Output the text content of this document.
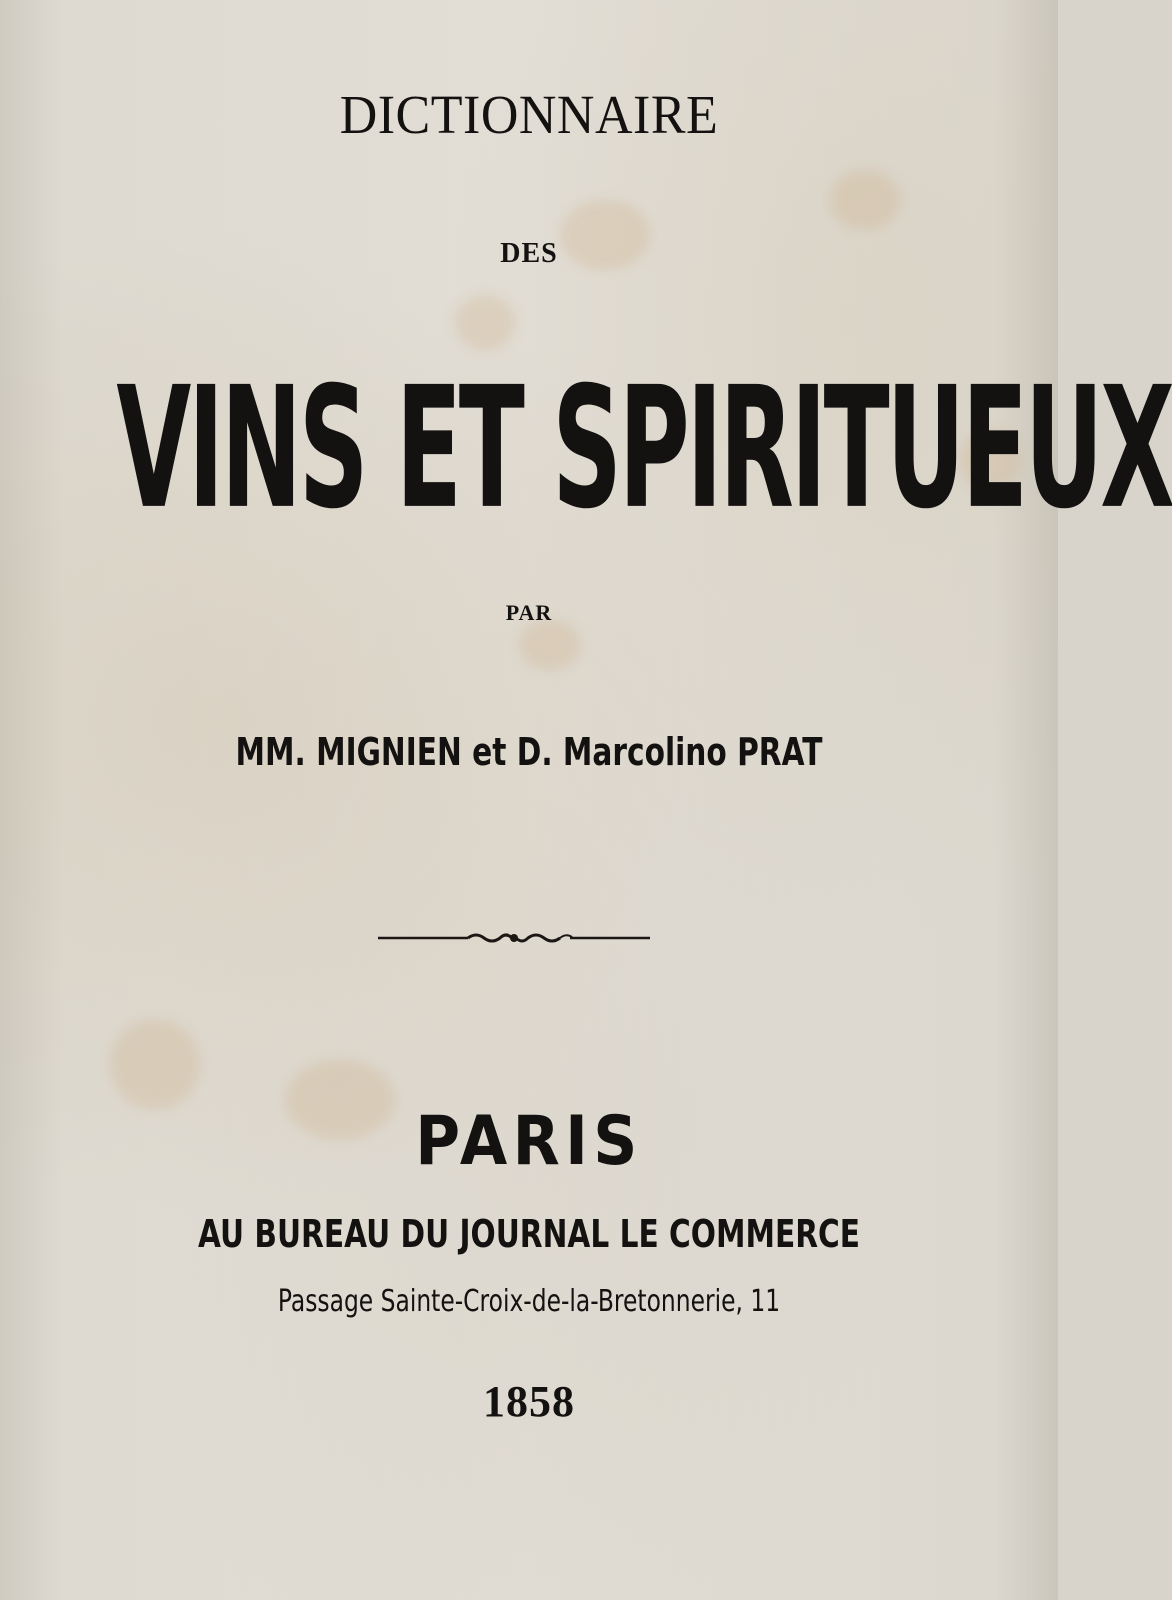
DICTIONNAIRE
DES
VINS ET SPIRITUEUX
PAR
MM. MIGNIEN et D. Marcolino PRAT
PARIS
AU BUREAU DU JOURNAL LE COMMERCE
Passage Sainte-Croix-de-la-Bretonnerie, 11
1858
